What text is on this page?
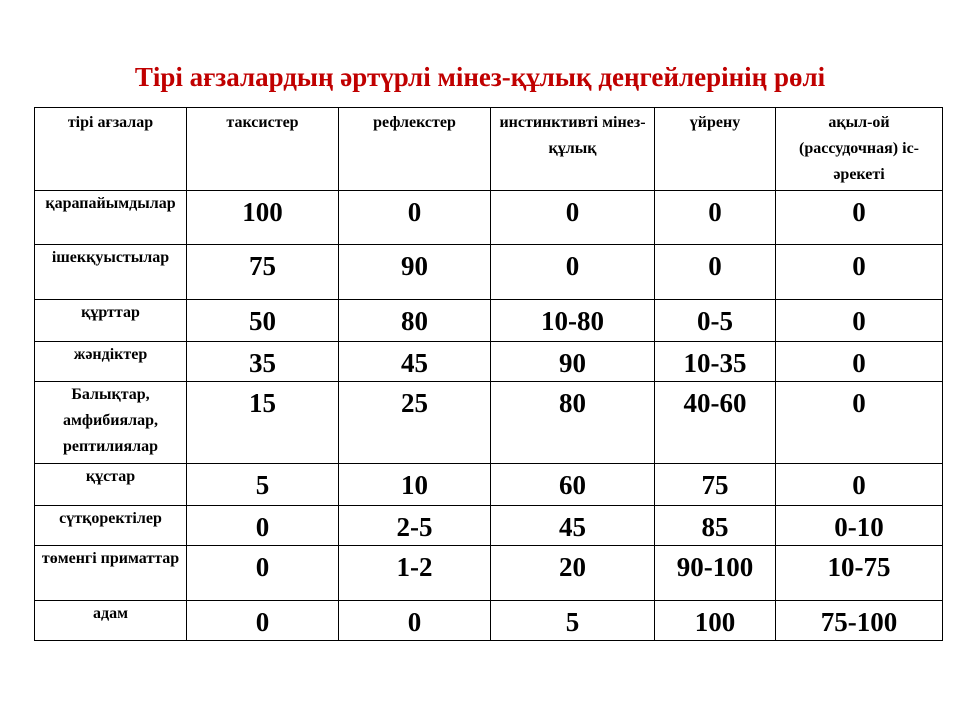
Тірі ағзалардың әртүрлі мінез-құлық деңгейлерінің рөлі
тірі ағзалар	таксистер	рефлекстер	инстинктивті мінез-құлық	үйрену	ақыл-ой (рассудочная) іс-әрекеті
қарапайымдылар	100	0	0	0	0
ішекқуыстылар	75	90	0	0	0
құрттар	50	80	10-80	0-5	0
жәндіктер	35	45	90	10-35	0
Балықтар, амфибиялар, рептилиялар	15	25	80	40-60	0
құстар	5	10	60	75	0
сүтқоректілер	0	2-5	45	85	0-10
төменгі приматтар	0	1-2	20	90-100	10-75
адам	0	0	5	100	75-100
